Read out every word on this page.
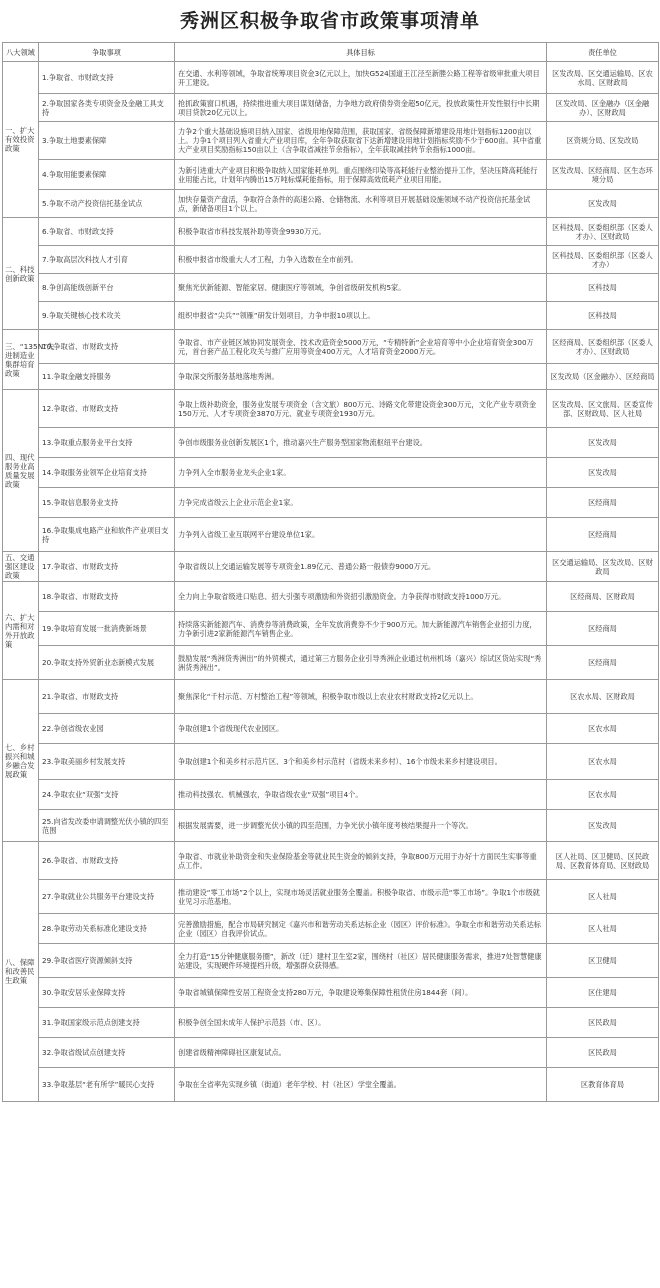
秀洲区积极争取省市政策事项清单
八大领域	争取事项	具体目标	责任单位
一、扩大有效投资政策	1.争取省、市财政支持	在交通、水利等领域，争取省统筹项目资金3亿元以上，加快G524国道王江泾至新塍公路工程等省级审批重大项目开工建设。	区发改局、区交通运输局、区农水局、区财政局
	2.争取国家各类专项资金及金融工具支持	抢抓政策窗口机遇，持续推进重大项目谋划储备，力争地方政府债券资金超50亿元，投放政策性开发性银行中长期项目贷款20亿元以上。	区发改局、区金融办（区金融办）、区财政局
	3.争取土地要素保障	力争2个重大基础设施项目纳入国家、省级用地保障范围，获取国家、省级保障新增建设用地计划指标1200亩以上。力争1个项目列入省重大产业项目库，全年争取获取省下达新增建设用地计划指标奖励不少于600亩。其中省重大产业项目奖励指标150亩以上（含争取省减挂节余指标），全年获取减挂转节余指标1000亩。	区资规分局、区发改局
	4.争取用能要素保障	为新引进重大产业项目积极争取纳入国家能耗单列。重点围绕印染等高耗能行业整治提升工作，坚决压降高耗能行业用能占比，计划年内腾出15万吨标煤耗能指标，用于保障高效低耗产业项目用能。	区发改局、区经商局、区生态环境分局
	5.争取不动产投资信托基金试点	加快存量资产盘活，争取符合条件的高速公路、仓储物流、水利等项目开展基础设施领域不动产投资信托基金试点，新储备项目1个以上。	区发改局
二、科技创新政策	6.争取省、市财政支持	积极争取省市科技发展补助等资金9930万元。	区科技局、区委组织部（区委人才办）、区财政局
	7.争取高层次科技人才引育	积极申报省市级重大人才工程，力争入选数在全市前列。	区科技局、区委组织部（区委人才办）
	8.争创高能级创新平台	聚焦光伏新能源、智能家居、健康医疗等领域，争创省级研发机构5家。	区科技局
	9.争取关键核心技术攻关	组织申报省“尖兵”“领雁”研发计划项目，力争申报10项以上。	区科技局
三、“135N”先进制造业集群培育政策	10.争取省、市财政支持	争取省、市产业链区域协同发展资金、技术改造资金5000万元，“专精特新”企业培育等中小企业培育资金300万元，首台套产品工程化攻关与推广应用等资金400万元，人才培育资金2000万元。	区经商局、区委组织部（区委人才办）、区财政局
	11.争取金融支持服务	争取深交所服务基地落地秀洲。	区发改局（区金融办）、区经商局
四、现代服务业高质量发展政策	12.争取省、市财政支持	争取上级补助资金，服务业发展专项资金（含文旅）800万元、诗路文化带建设资金300万元，文化产业专项资金150万元、人才专项资金3870万元、就业专项资金1930万元。	区发改局、区文旅局、区委宣传部、区财政局、区人社局
	13.争取重点服务业平台支持	争创市级服务业创新发展区1个，推动嘉兴生产服务型国家物流枢纽平台建设。	区发改局
	14.争取服务业领军企业培育支持	力争列入全市服务业龙头企业1家。	区发改局
	15.争取信息服务业支持	力争完成省级云上企业示范企业1家。	区经商局
	16.争取集成电路产业和软件产业项目支持	力争列入省级工业互联网平台建设单位1家。	区经商局
五、交通强区建设政策	17.争取省、市财政支持	争取省级以上交通运输发展等专项资金1.89亿元、普通公路一般债券9000万元。	区交通运输局、区发改局、区财政局
六、扩大内需和对外开放政策	18.争取省、市财政支持	全力向上争取省级进口贴息、招大引强专项激励和外资招引激励资金。力争获得市财政支持1000万元。	区经商局、区财政局
	19.争取培育发展一批消费新场景	持续落实新能源汽车、消费券等消费政策，全年发放消费券不少于900万元。加大新能源汽车销售企业招引力度，力争新引进2家新能源汽车销售企业。	区经商局
	20.争取支持外贸新业态新模式发展	鼓励发展“秀洲货秀洲出”的外贸模式，通过第三方服务企业引导秀洲企业通过杭州机场（嘉兴）综试区货站实现“秀洲货秀洲出”。	区经商局
七、乡村振兴和城乡融合发展政策	21.争取省、市财政支持	聚焦深化“千村示范、万村整治工程”等领域，积极争取市级以上农业农村财政支持2亿元以上。	区农水局、区财政局
	22.争创省级农业园	争取创建1个省级现代农业园区。	区农水局
	23.争取美丽乡村发展支持	争取创建1个和美乡村示范片区、3个和美乡村示范村（省级未来乡村）、16个市级未来乡村建设项目。	区农水局
	24.争取农业“双强”支持	推动科技强农、机械强农，争取省级农业“双强”项目4个。	区农水局
	25.向省发改委申请调整光伏小镇的四至范围	根据发展需要，进一步调整光伏小镇的四至范围，力争光伏小镇年度考核结果提升一个等次。	区发改局
八、保障和改善民生政策	26.争取省、市财政支持	争取省、市就业补助资金和失业保险基金等就业民生资金的倾斜支持，争取800万元用于办好十方面民生实事等重点工作。	区人社局、区卫健局、区民政局、区教育体育局、区财政局
	27.争取就业公共服务平台建设支持	推动建设“零工市场”2个以上，实现市场灵活就业服务全覆盖。积极争取省、市级示范“零工市场”。争取1个市级就业见习示范基地。	区人社局
	28.争取劳动关系标准化建设支持	完善激励措施，配合市局研究制定《嘉兴市和谐劳动关系达标企业（园区）评价标准》。争取全市和谐劳动关系达标企业（园区）自我评价试点。	区人社局
	29.争取省医疗资源倾斜支持	全力打造“15分钟健康服务圈”，新改（迁）建村卫生室2家，围绕村（社区）居民健康服务需求，推进7处智慧健康站建设，实现硬件环境提档升级，增强群众获得感。	区卫健局
	30.争取安居乐业保障支持	争取省城镇保障性安居工程资金支持280万元，争取建设筹集保障性租赁住房1844套（间）。	区住建局
	31.争取国家级示范点创建支持	积极争创全国未成年人保护示范县（市、区）。	区民政局
	32.争取省级试点创建支持	创建省级精神障碍社区康复试点。	区民政局
	33.争取基层“老有所学”暖民心支持	争取在全省率先实现乡镇（街道）老年学校、村（社区）学堂全覆盖。	区教育体育局
